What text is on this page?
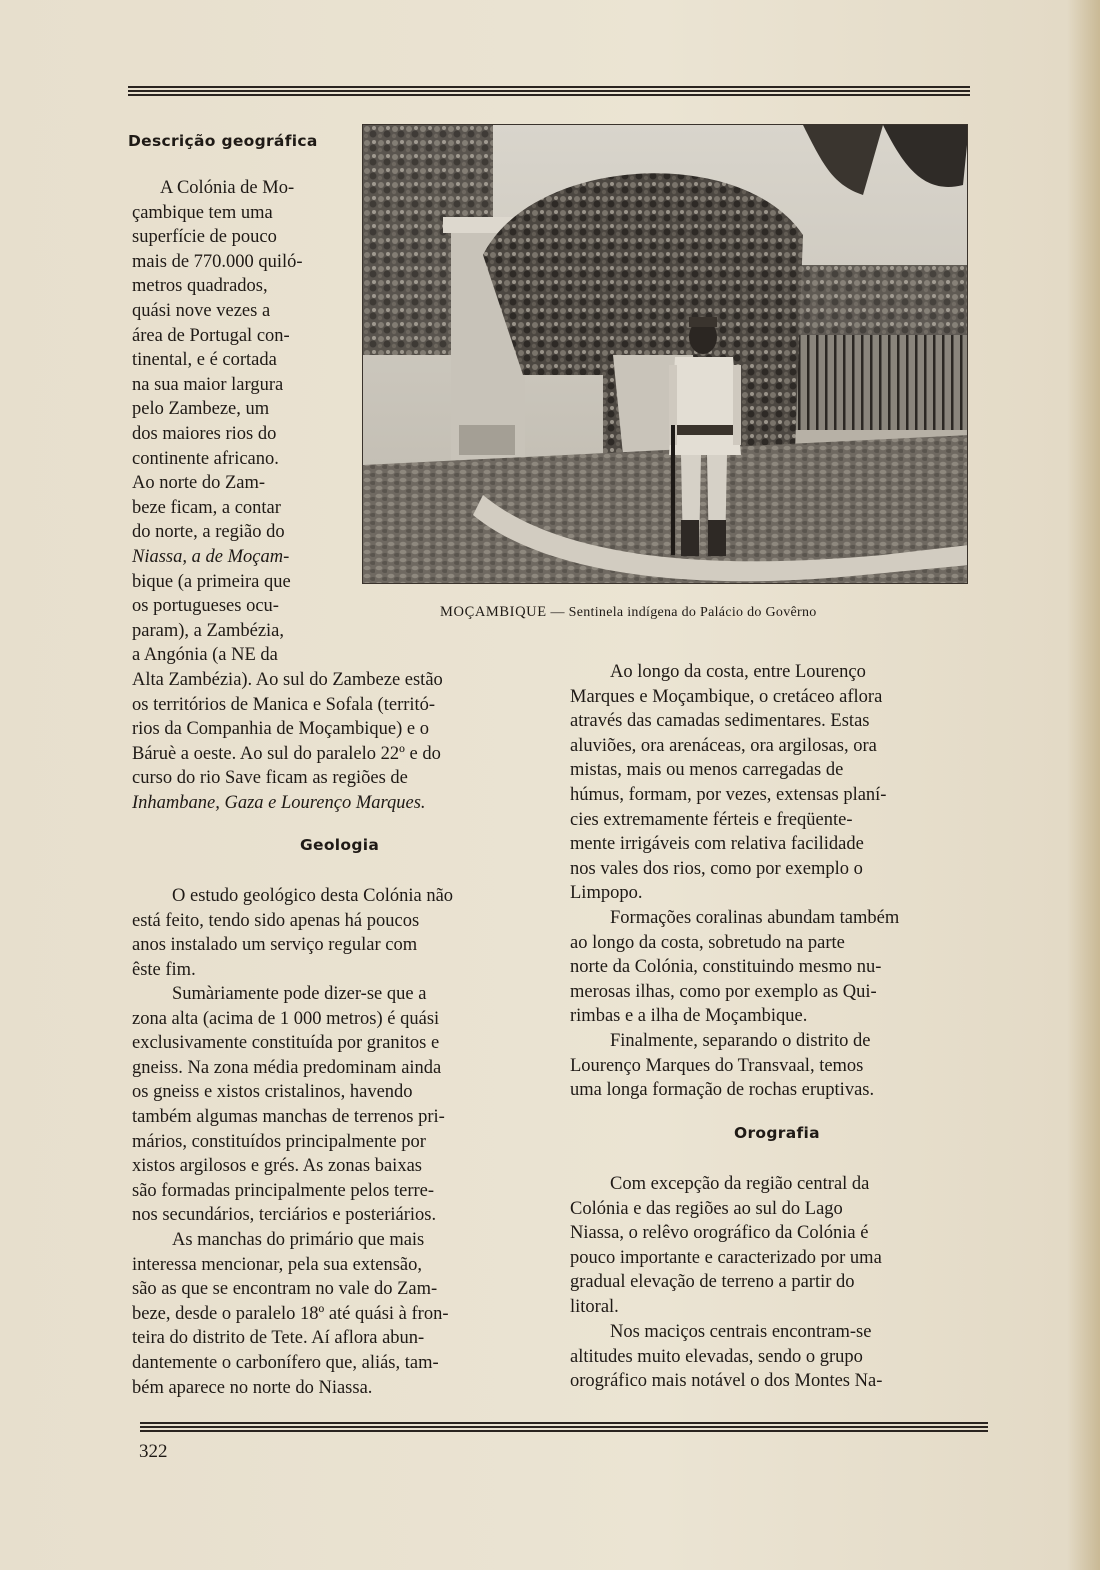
Descrição geográfica
A Colónia de Mo-
çambique tem uma
superfície de pouco
mais de 770.000 quiló-
metros quadrados,
quási nove vezes a
área de Portugal con-
tinental, e é cortada
na sua maior largura
pelo Zambeze, um
dos maiores rios do
continente africano.
Ao norte do Zam-
beze ficam, a contar
do norte, a região do
Niassa, a de Moçam-
bique (a primeira que
os portugueses ocu-
param), a Zambézia,
a Angónia (a NE da
MOÇAMBIQUE — Sentinela indígena do Palácio do Govêrno
Alta Zambézia). Ao sul do Zambeze estão
os territórios de Manica e Sofala (territó-
rios da Companhia de Moçambique) e o
Báruè a oeste. Ao sul do paralelo 22º e do
curso do rio Save ficam as regiões de
Inhambane, Gaza e Lourenço Marques.
Geologia
O estudo geológico desta Colónia não
está feito, tendo sido apenas há poucos
anos instalado um serviço regular com
êste fim.
Sumàriamente pode dizer-se que a
zona alta (acima de 1 000 metros) é quási
exclusivamente constituída por granitos e
gneiss. Na zona média predominam ainda
os gneiss e xistos cristalinos, havendo
também algumas manchas de terrenos pri-
mários, constituídos principalmente por
xistos argilosos e grés. As zonas baixas
são formadas principalmente pelos terre-
nos secundários, terciários e posteriários.
As manchas do primário que mais
interessa mencionar, pela sua extensão,
são as que se encontram no vale do Zam-
beze, desde o paralelo 18º até quási à fron-
teira do distrito de Tete. Aí aflora abun-
dantemente o carbonífero que, aliás, tam-
bém aparece no norte do Niassa.
Ao longo da costa, entre Lourenço
Marques e Moçambique, o cretáceo aflora
através das camadas sedimentares. Estas
aluviões, ora arenáceas, ora argilosas, ora
mistas, mais ou menos carregadas de
húmus, formam, por vezes, extensas planí-
cies extremamente férteis e freqüente-
mente irrigáveis com relativa facilidade
nos vales dos rios, como por exemplo o
Limpopo.
Formações coralinas abundam também
ao longo da costa, sobretudo na parte
norte da Colónia, constituindo mesmo nu-
merosas ilhas, como por exemplo as Qui-
rimbas e a ilha de Moçambique.
Finalmente, separando o distrito de
Lourenço Marques do Transvaal, temos
uma longa formação de rochas eruptivas.
Orografia
Com excepção da região central da
Colónia e das regiões ao sul do Lago
Niassa, o relêvo orográfico da Colónia é
pouco importante e caracterizado por uma
gradual elevação de terreno a partir do
litoral.
Nos maciços centrais encontram-se
altitudes muito elevadas, sendo o grupo
orográfico mais notável o dos Montes Na-
322
